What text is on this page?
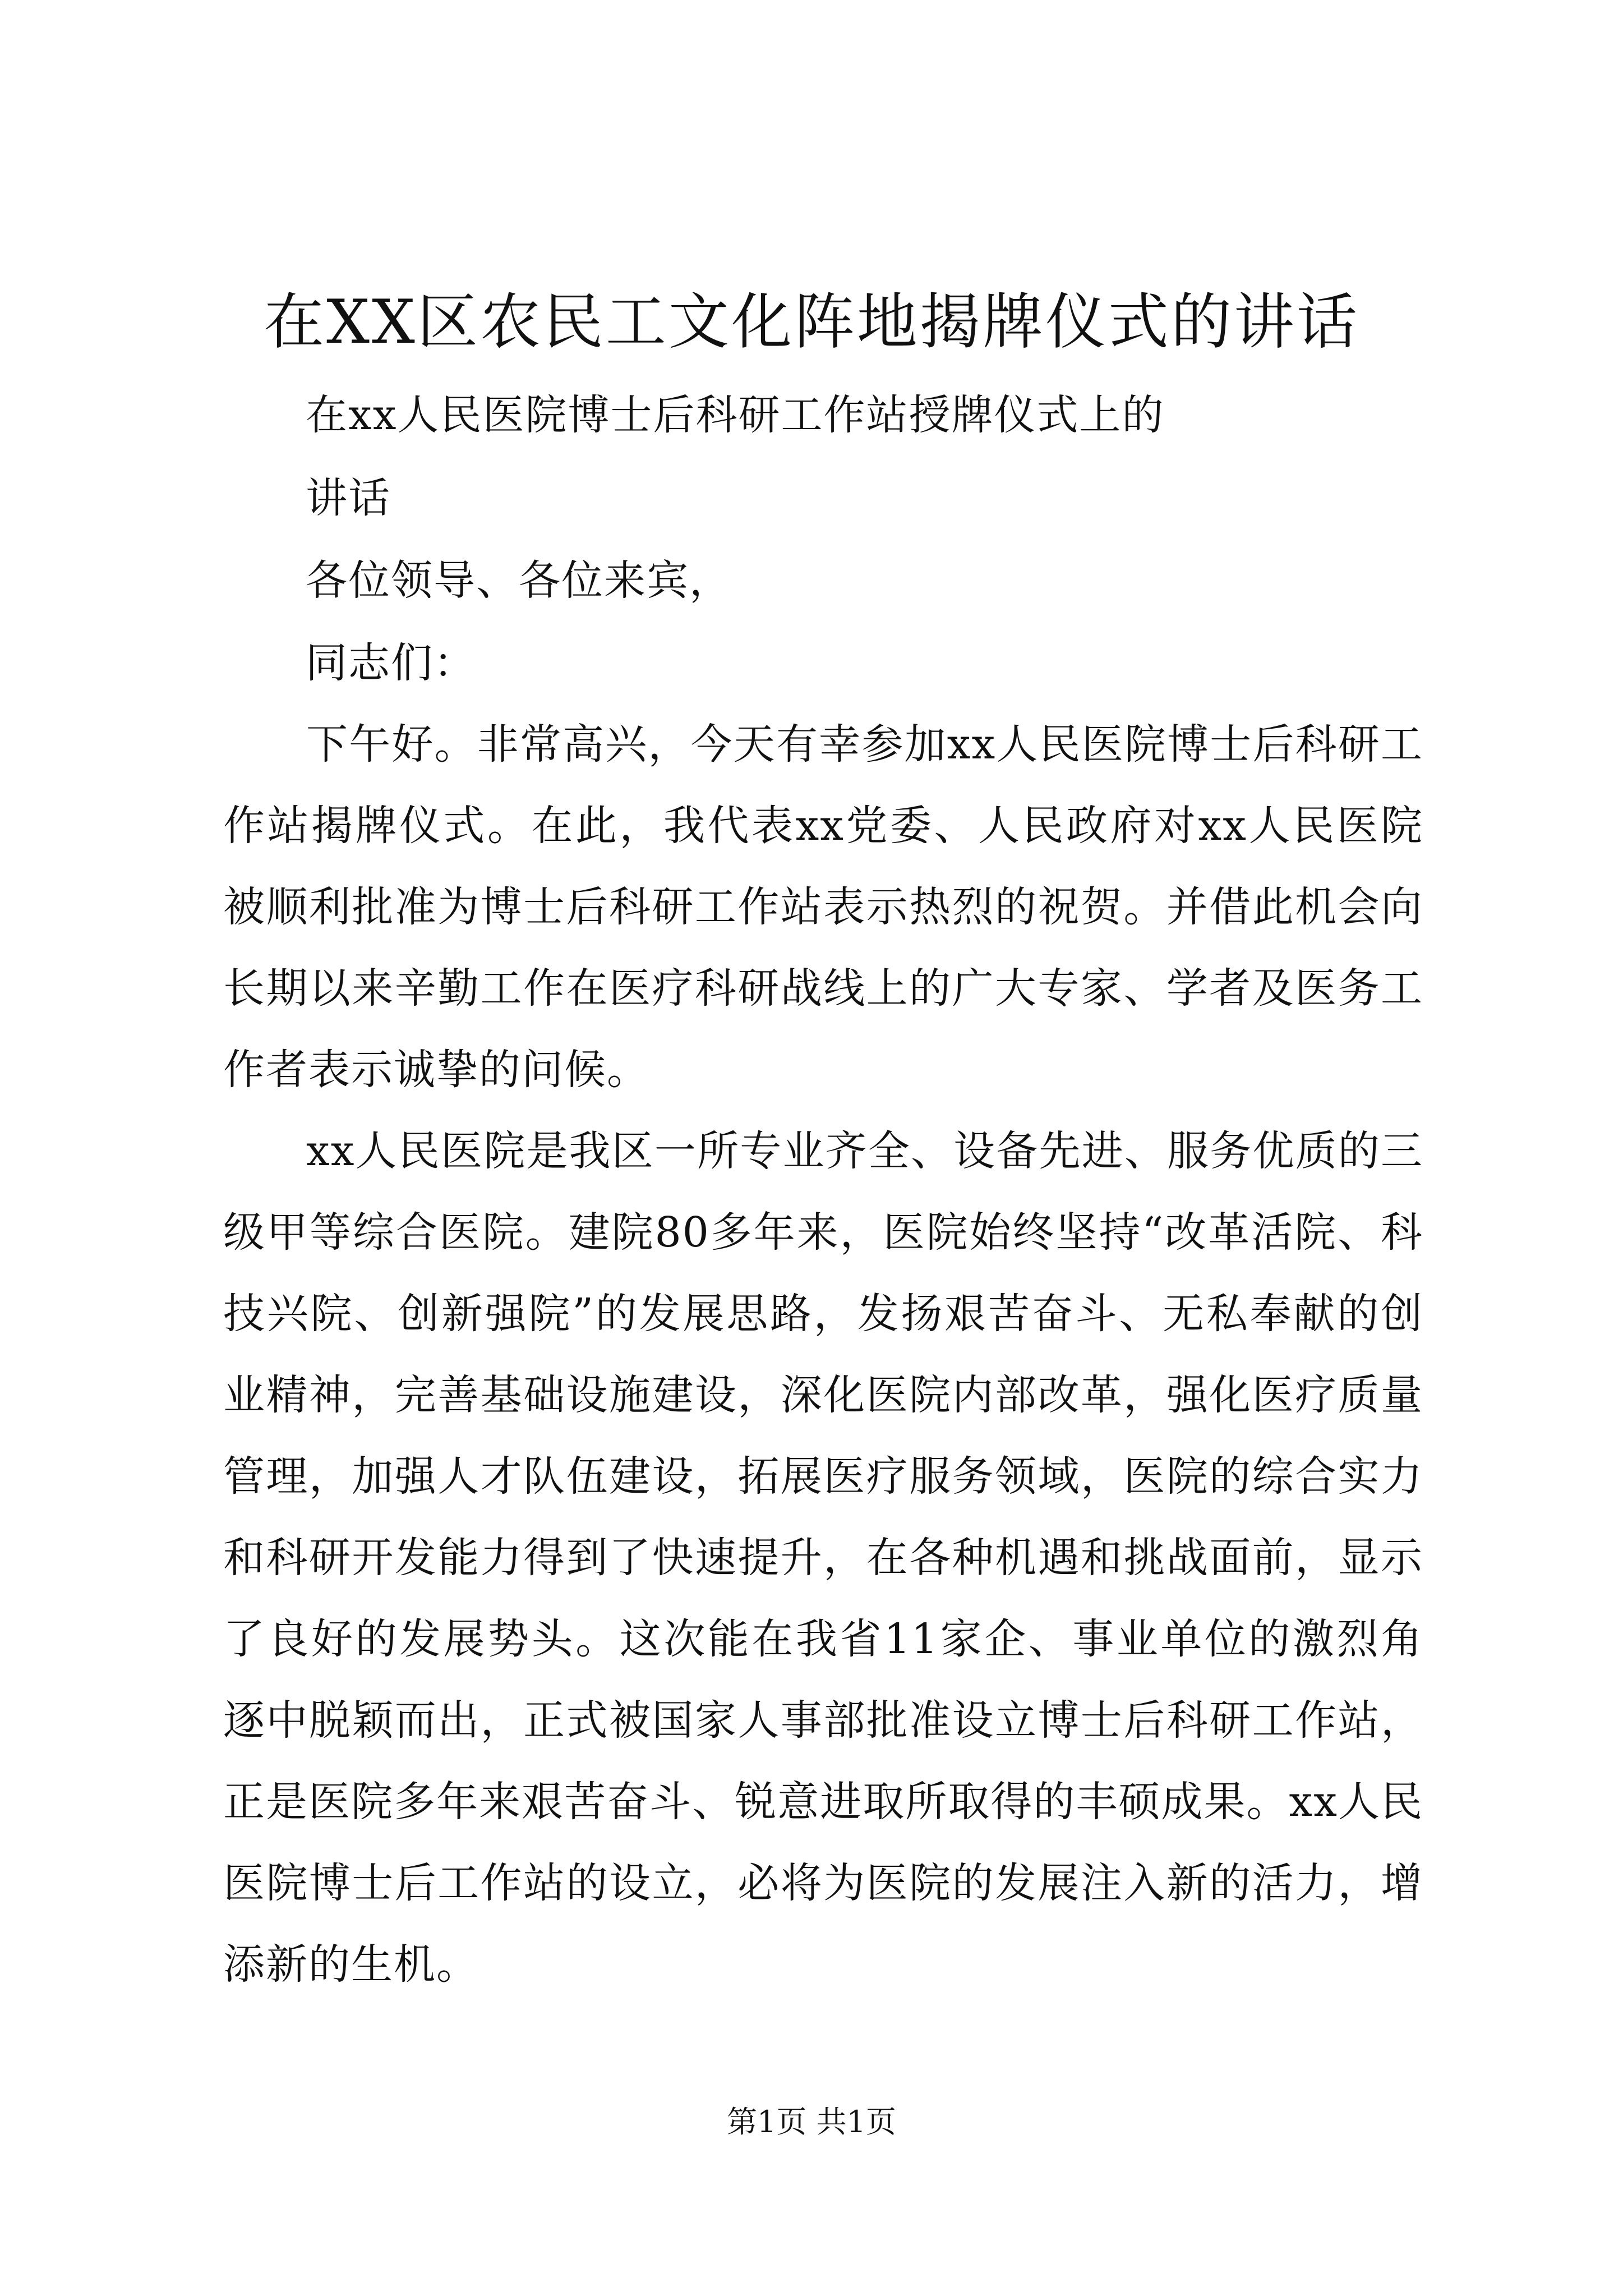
在XX区农民工文化阵地揭牌仪式的讲话
在xx人民医院博士后科研工作站授牌仪式上的
讲话
各位领导、各位来宾，
同志们：

下午好。非常高兴，今天有幸参加xx人民医院博士后科研工作站揭牌仪式。在此，我代表xx党委、人民政府对xx人民医院被顺利批准为博士后科研工作站表示热烈的祝贺。并借此机会向长期以来辛勤工作在医疗科研战线上的广大专家、学者及医务工作者表示诚挚的问候。

xx人民医院是我区一所专业齐全、设备先进、服务优质的三级甲等综合医院。建院80多年来，医院始终坚持“改革活院、科技兴院、创新强院”的发展思路，发扬艰苦奋斗、无私奉献的创业精神，完善基础设施建设，深化医院内部改革，强化医疗质量管理，加强人才队伍建设，拓展医疗服务领域，医院的综合实力和科研开发能力得到了快速提升，在各种机遇和挑战面前，显示了良好的发展势头。这次能在我省11家企、事业单位的激烈角逐中脱颖而出，正式被国家人事部批准设立博士后科研工作站，正是医院多年来艰苦奋斗、锐意进取所取得的丰硕成果。xx人民医院博士后工作站的设立，必将为医院的发展注入新的活力，增添新的生机。

第1页 共1页
